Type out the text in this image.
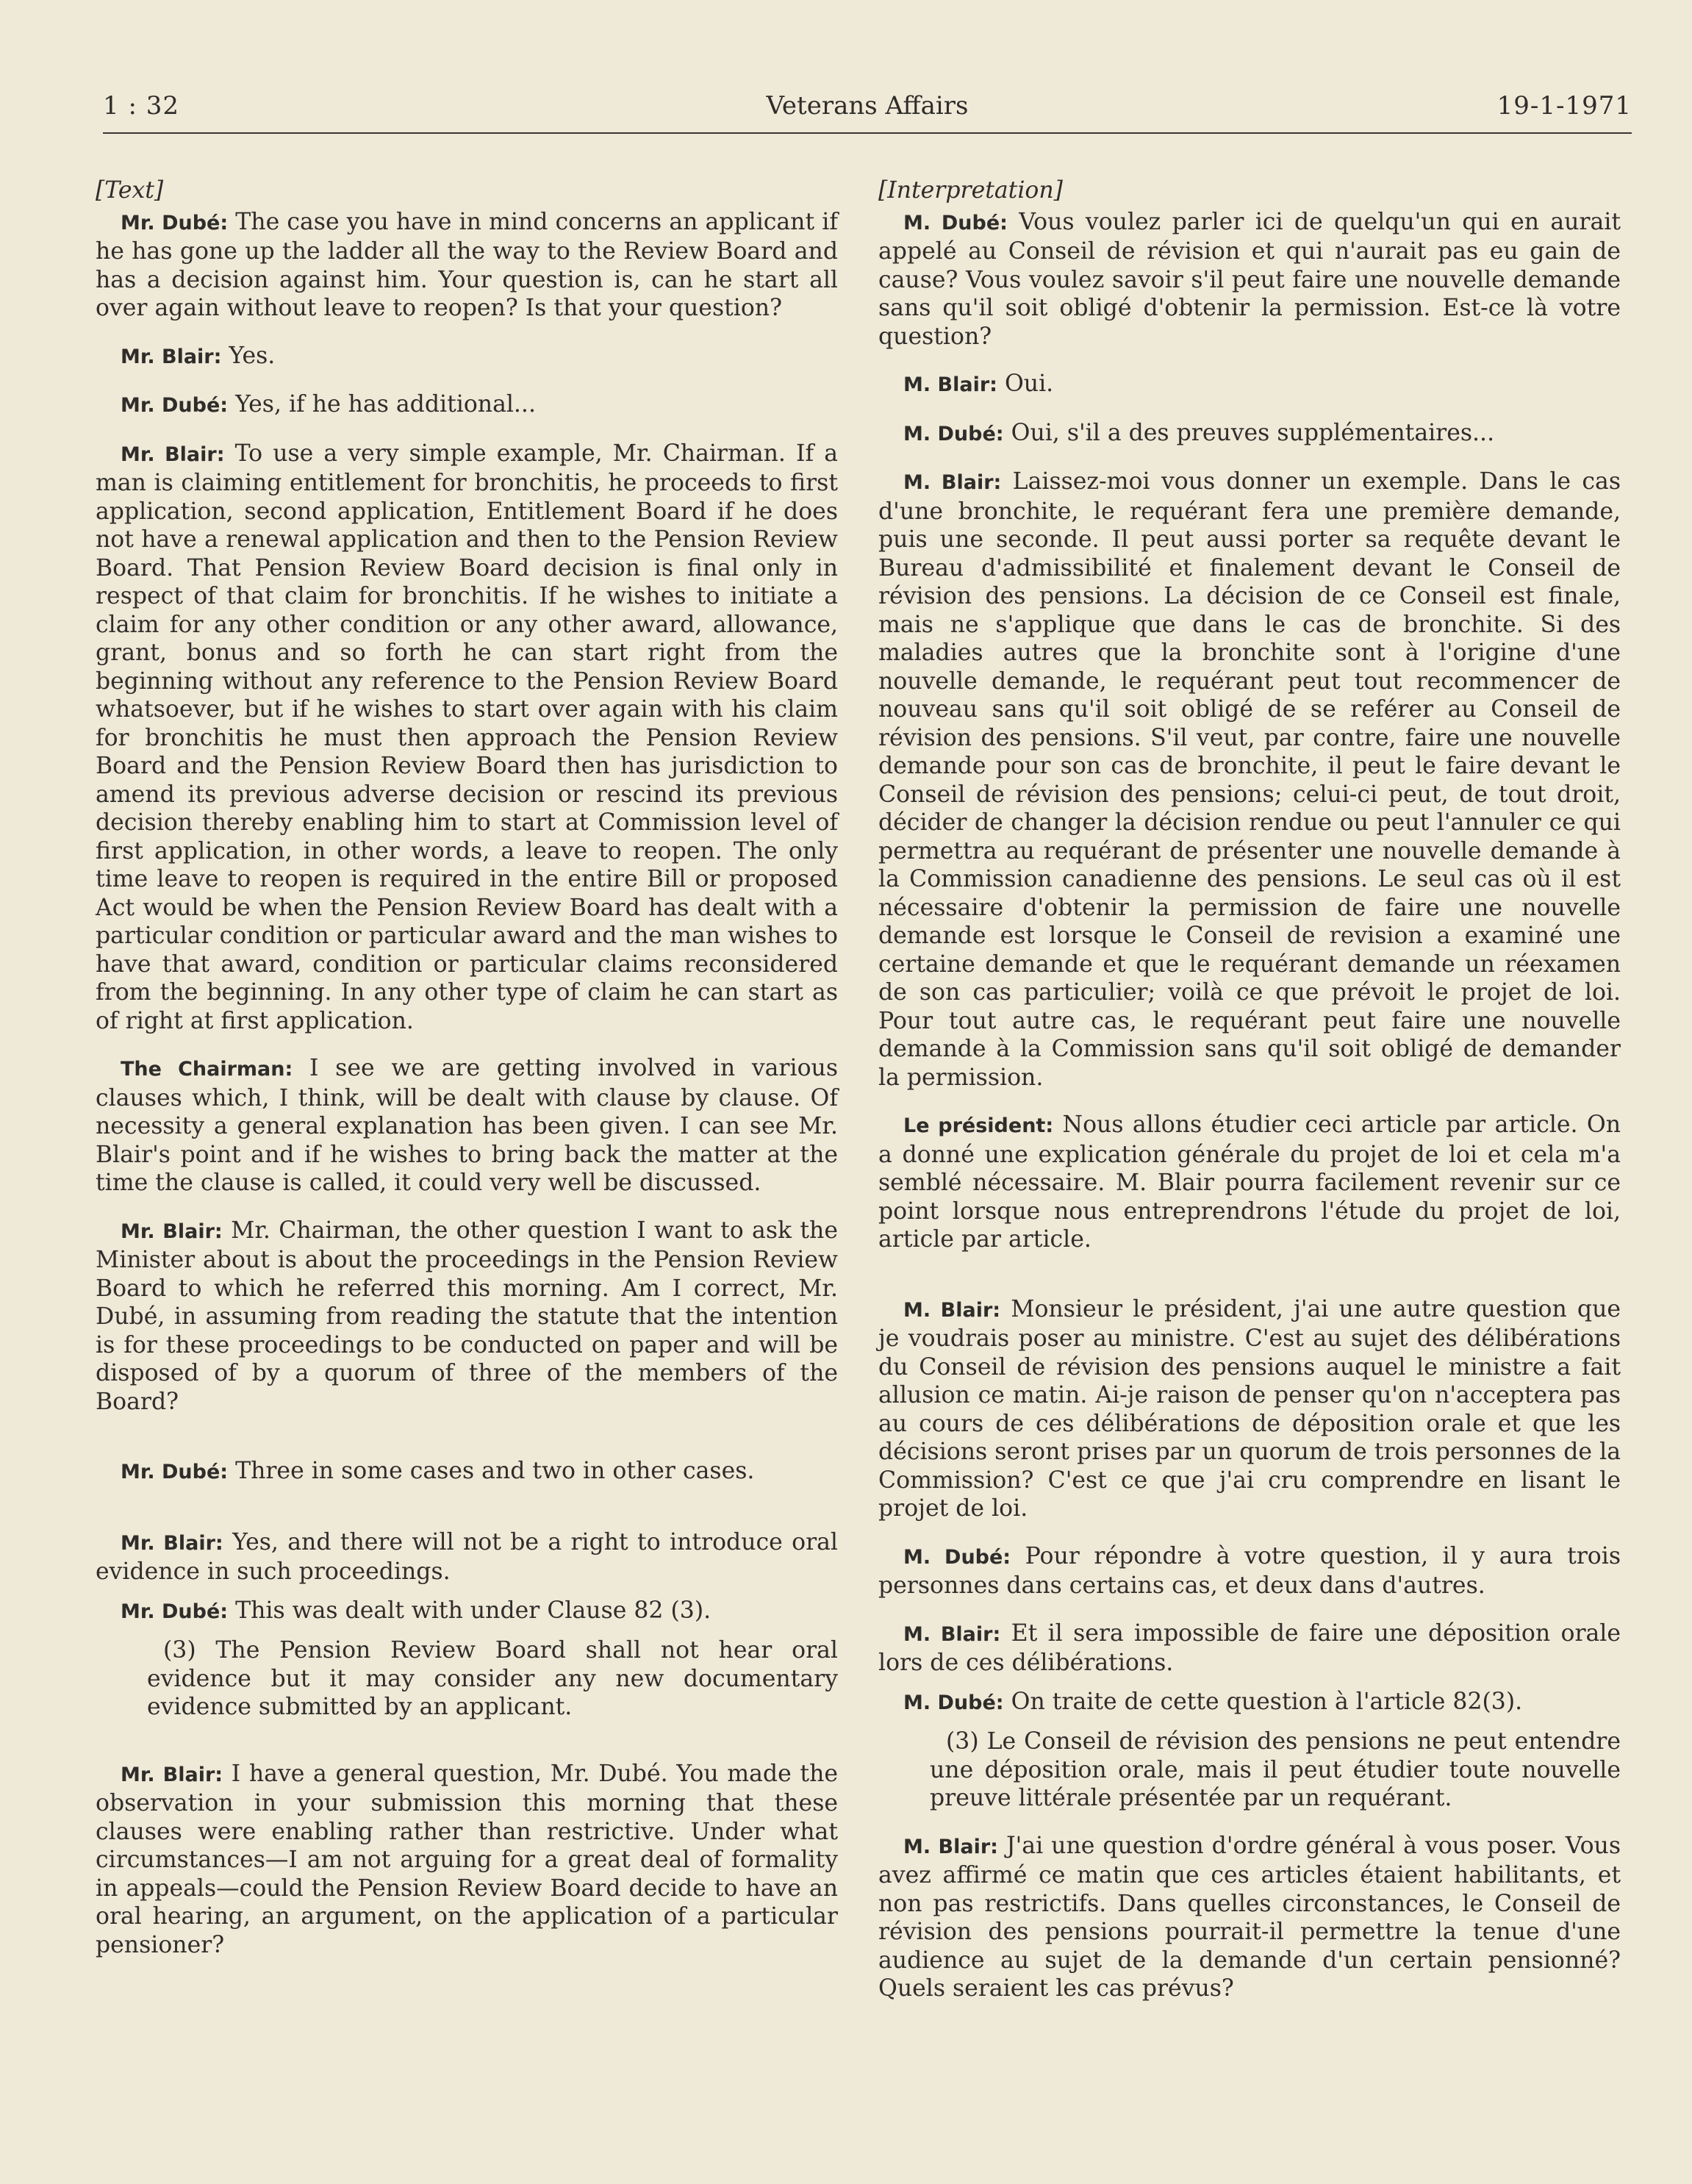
1 : 32	Veterans Affairs	19-1-1971
[Text]

Mr. Dubé: The case you have in mind concerns an applicant if he has gone up the ladder all the way to the Review Board and has a decision against him. Your question is, can he start all over again without leave to reopen? Is that your question?

Mr. Blair: Yes.

Mr. Dubé: Yes, if he has additional...

Mr. Blair: To use a very simple example, Mr. Chairman. If a man is claiming entitlement for bronchitis, he proceeds to first application, second application, Entitlement Board if he does not have a renewal application and then to the Pension Review Board. That Pension Review Board decision is final only in respect of that claim for bronchitis. If he wishes to initiate a claim for any other condition or any other award, allowance, grant, bonus and so forth he can start right from the beginning without any reference to the Pension Review Board whatsoever, but if he wishes to start over again with his claim for bronchitis he must then approach the Pension Review Board and the Pension Review Board then has jurisdiction to amend its previous adverse decision or rescind its previous decision thereby enabling him to start at Commission level of first application, in other words, a leave to reopen. The only time leave to reopen is required in the entire Bill or proposed Act would be when the Pension Review Board has dealt with a particular condition or particular award and the man wishes to have that award, condition or particular claims reconsidered from the beginning. In any other type of claim he can start as of right at first application.

The Chairman: I see we are getting involved in various clauses which, I think, will be dealt with clause by clause. Of necessity a general explanation has been given. I can see Mr. Blair's point and if he wishes to bring back the matter at the time the clause is called, it could very well be discussed.

Mr. Blair: Mr. Chairman, the other question I want to ask the Minister about is about the proceedings in the Pension Review Board to which he referred this morning. Am I correct, Mr. Dubé, in assuming from reading the statute that the intention is for these proceedings to be conducted on paper and will be disposed of by a quorum of three of the members of the Board?

Mr. Dubé: Three in some cases and two in other cases.

Mr. Blair: Yes, and there will not be a right to introduce oral evidence in such proceedings.

Mr. Dubé: This was dealt with under Clause 82 (3).

(3) The Pension Review Board shall not hear oral evidence but it may consider any new documentary evidence submitted by an applicant.

Mr. Blair: I have a general question, Mr. Dubé. You made the observation in your submission this morning that these clauses were enabling rather than restrictive. Under what circumstances—I am not arguing for a great deal of formality in appeals—could the Pension Review Board decide to have an oral hearing, an argument, on the application of a particular pensioner?

[Interpretation]

M. Dubé: Vous voulez parler ici de quelqu'un qui en aurait appelé au Conseil de révision et qui n'aurait pas eu gain de cause? Vous voulez savoir s'il peut faire une nouvelle demande sans qu'il soit obligé d'obtenir la permission. Est-ce là votre question?

M. Blair: Oui.

M. Dubé: Oui, s'il a des preuves supplémentaires...

M. Blair: Laissez-moi vous donner un exemple. Dans le cas d'une bronchite, le requérant fera une première demande, puis une seconde. Il peut aussi porter sa requête devant le Bureau d'admissibilité et finalement devant le Conseil de révision des pensions. La décision de ce Conseil est finale, mais ne s'applique que dans le cas de bronchite. Si des maladies autres que la bronchite sont à l'origine d'une nouvelle demande, le requérant peut tout recommencer de nouveau sans qu'il soit obligé de se reférer au Conseil de révision des pensions. S'il veut, par contre, faire une nouvelle demande pour son cas de bronchite, il peut le faire devant le Conseil de révision des pensions; celui-ci peut, de tout droit, décider de changer la décision rendue ou peut l'annuler ce qui permettra au requérant de présenter une nouvelle demande à la Commission canadienne des pensions. Le seul cas où il est nécessaire d'obtenir la permission de faire une nouvelle demande est lorsque le Conseil de revision a examiné une certaine demande et que le requérant demande un réexamen de son cas particulier; voilà ce que prévoit le projet de loi. Pour tout autre cas, le requérant peut faire une nouvelle demande à la Commission sans qu'il soit obligé de demander la permission.

Le président: Nous allons étudier ceci article par article. On a donné une explication générale du projet de loi et cela m'a semblé nécessaire. M. Blair pourra facilement revenir sur ce point lorsque nous entreprendrons l'étude du projet de loi, article par article.

M. Blair: Monsieur le président, j'ai une autre question que je voudrais poser au ministre. C'est au sujet des délibérations du Conseil de révision des pensions auquel le ministre a fait allusion ce matin. Ai-je raison de penser qu'on n'acceptera pas au cours de ces délibérations de déposition orale et que les décisions seront prises par un quorum de trois personnes de la Commission? C'est ce que j'ai cru comprendre en lisant le projet de loi.

M. Dubé: Pour répondre à votre question, il y aura trois personnes dans certains cas, et deux dans d'autres.

M. Blair: Et il sera impossible de faire une déposition orale lors de ces délibérations.

M. Dubé: On traite de cette question à l'article 82(3).

(3) Le Conseil de révision des pensions ne peut entendre une déposition orale, mais il peut étudier toute nouvelle preuve littérale présentée par un requérant.

M. Blair: J'ai une question d'ordre général à vous poser. Vous avez affirmé ce matin que ces articles étaient habilitants, et non pas restrictifs. Dans quelles circonstances, le Conseil de révision des pensions pourrait-il permettre la tenue d'une audience au sujet de la demande d'un certain pensionné? Quels seraient les cas prévus?
